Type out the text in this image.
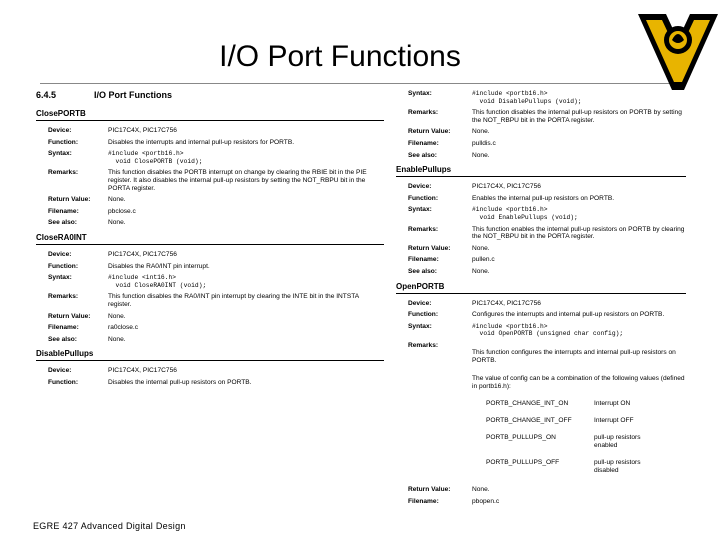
I/O Port Functions
6.4.5	I/O Port Functions
ClosePORTB
Device:	PIC17C4X, PIC17C756
Function:	Disables the interrupts and internal pull-up resistors for PORTB.
Syntax:	#include <portb16.h>
void ClosePORTB (void);
Remarks:	This function disables the PORTB interrupt on change by clearing the RBIE bit in the PIE register. It also disables the internal pull-up resistors by setting the NOT_RBPU bit in the PORTA register.
Return Value:	None.
Filename:	pbclose.c
See also:	None.
CloseRA0INT
Device:	PIC17C4X, PIC17C756
Function:	Disables the RA0/INT pin interrupt.
Syntax:	#include <int16.h>
void CloseRA0INT (void);
Remarks:	This function disables the RA0/INT pin interrupt by clearing the INTE bit in the INTSTA register.
Return Value:	None.
Filename:	ra0close.c
See also:	None.
DisablePullups
Device:	PIC17C4X, PIC17C756
Function:	Disables the internal pull-up resistors on PORTB.
Syntax:	#include <portb16.h>
void DisablePullups (void);
Remarks:	This function disables the internal pull-up resistors on PORTB by setting the NOT_RBPU bit in the PORTA register.
Return Value:	None.
Filename:	pulldis.c
See also:	None.
EnablePullups
Device:	PIC17C4X, PIC17C756
Function:	Enables the internal pull-up resistors on PORTB.
Syntax:	#include <portb16.h>
void EnablePullups (void);
Remarks:	This function enables the internal pull-up resistors on PORTB by clearing the NOT_RBPU bit in the PORTA register.
Return Value:	None.
Filename:	pullen.c
See also:	None.
OpenPORTB
Device:	PIC17C4X, PIC17C756
Function:	Configures the interrupts and internal pull-up resistors on PORTB.
Syntax:	#include <portb16.h>
void OpenPORTB (unsigned char config);
Remarks:

This function configures the interrupts and internal pull-up resistors on PORTB.

The value of config can be a combination of the following values (defined in portb16.h):

PORTB_CHANGE_INT_ON	Interrupt ON

PORTB_CHANGE_INT_OFF	Interrupt OFF

PORTB_PULLUPS_ON	pull-up resistors
enabled

PORTB_PULLUPS_OFF	pull-up resistors
disabled

Return Value:	None.
Filename:	pbopen.c
EGRE 427 Advanced Digital Design
